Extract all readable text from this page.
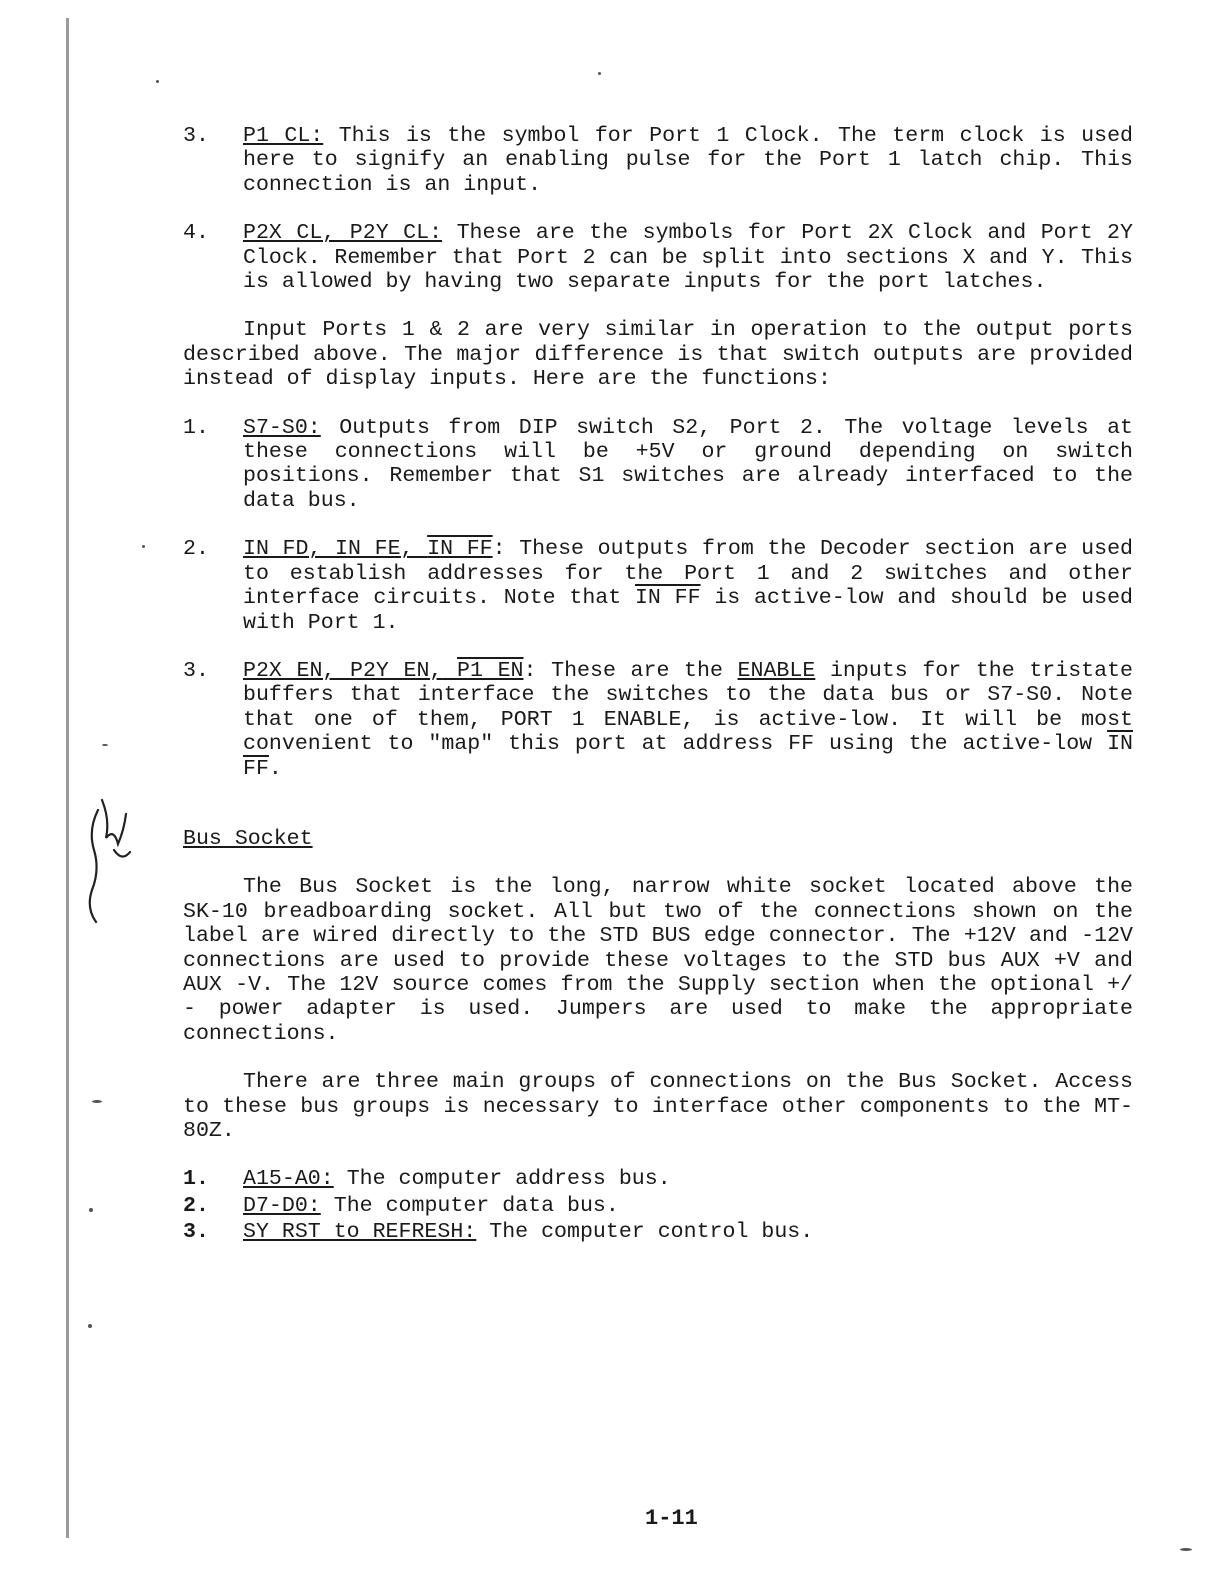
3.	P1 CL: This is the symbol for Port 1 Clock. The term clock is used here to signify an enabling pulse for the Port 1 latch chip. This connection is an input.
4.	P2X CL, P2Y CL: These are the symbols for Port 2X Clock and Port 2Y Clock. Remember that Port 2 can be split into sections X and Y. This is allowed by having two separate inputs for the port latches.
Input Ports 1 & 2 are very similar in operation to the output ports described above. The major difference is that switch outputs are provided instead of display inputs. Here are the functions:
1.	S7-S0: Outputs from DIP switch S2, Port 2. The voltage levels at these connections will be +5V or ground depending on switch positions. Remember that S1 switches are already interfaced to the data bus.
2.	IN FD, IN FE, IN FF: These outputs from the Decoder section are used to establish addresses for the Port 1 and 2 switches and other interface circuits. Note that IN FF is active-low and should be used with Port 1.
3.	P2X EN, P2Y EN, P1 EN: These are the ENABLE inputs for the tristate buffers that interface the switches to the data bus or S7-S0. Note that one of them, PORT 1 ENABLE, is active-low. It will be most convenient to "map" this port at address FF using the active-low IN FF.
Bus Socket
The Bus Socket is the long, narrow white socket located above the SK-10 breadboarding socket. All but two of the connections shown on the label are wired directly to the STD BUS edge connector. The +12V and -12V connections are used to provide these voltages to the STD bus AUX +V and AUX -V. The 12V source comes from the Supply section when the optional +/ - power adapter is used. Jumpers are used to make the appropriate connections.
There are three main groups of connections on the Bus Socket. Access to these bus groups is necessary to interface other components to the MT-80Z.
1.	A15-A0: The computer address bus.
2.	D7-D0: The computer data bus.
3.	SY RST to REFRESH: The computer control bus.
1-11
